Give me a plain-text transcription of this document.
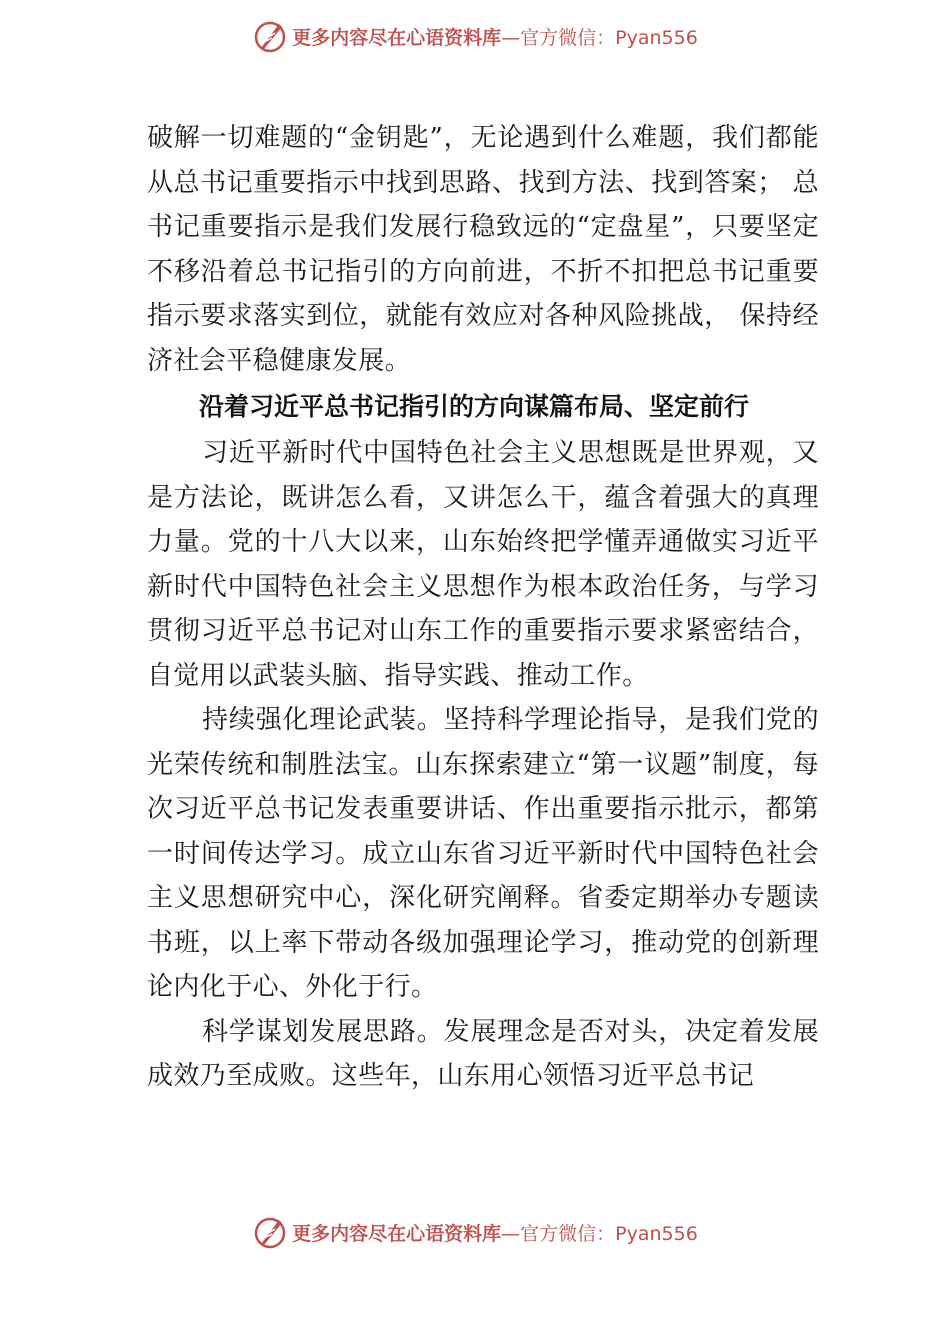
更多内容尽在心语资料库 —官方微信：Pyan556

破解一切难题的“金钥匙”，无论遇到什么难题，我们都能从总书记重要指示中找到思路、找到方法、找到答案； 总书记重要指示是我们发展行稳致远的“定盘星”，只要坚定不移沿着总书记指引的方向前进，不折不扣把总书记重要指示要求落实到位，就能有效应对各种风险挑战， 保持经济社会平稳健康发展。

沿着习近平总书记指引的方向谋篇布局、坚定前行

习近平新时代中国特色社会主义思想既是世界观，又是方法论，既讲怎么看，又讲怎么干，蕴含着强大的真理力量。党的十八大以来，山东始终把学懂弄通做实习近平新时代中国特色社会主义思想作为根本政治任务，与学习贯彻习近平总书记对山东工作的重要指示要求紧密结合，自觉用以武装头脑、指导实践、推动工作。

持续强化理论武装。坚持科学理论指导，是我们党的光荣传统和制胜法宝。山东探索建立“第一议题”制度，每次习近平总书记发表重要讲话、作出重要指示批示，都第一时间传达学习。成立山东省习近平新时代中国特色社会主义思想研究中心，深化研究阐释。省委定期举办专题读书班，以上率下带动各级加强理论学习，推动党的创新理论内化于心、外化于行。

科学谋划发展思路。发展理念是否对头，决定着发展成效乃至成败。这些年，山东用心领悟习近平总书记

更多内容尽在心语资料库 —官方微信：Pyan556
